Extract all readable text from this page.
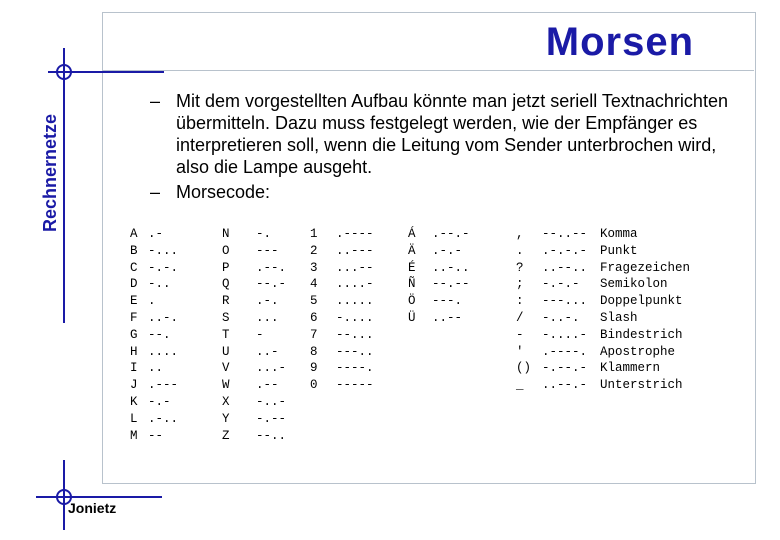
Morsen
Rechnernetze
Jonietz
– Mit dem vorgestellten Aufbau könnte man jetzt seriell Textnachrichten übermitteln. Dazu muss festgelegt werden, wie der Empfänger es interpretieren soll, wenn die Leitung vom Sender unterbrochen wird, also die Lampe ausgeht.
– Morsecode:
A
B
C
D
E
F
G
H
I
J
K
L
M
.-
-...
-.-.
-..
.
..-.
--.
....
..
.---
-.-
.-..
--
N
O
P
Q
R
S
T
U
V
W
X
Y
Z
-.
---
.--.
--.-
.-.
...
-
..-
...-
.--
-..-
-.--
--..
1
2
3
4
5
6
7
8
9
0
.----
..---
...--
....-
.....
-....
--...
---..
----.
-----
Á
Ä
É
Ñ
Ö
Ü
.--.-
.-.-
..-..
--.--
---.
..--
,
.
?
;
:
/
-
'
()
_
--..--
.-.-.-
..--..
-.-.-
---...
-..-.
-....-
.----.
-.--.-
..--.-
Komma
Punkt
Fragezeichen
Semikolon
Doppelpunkt
Slash
Bindestrich
Apostrophe
Klammern
Unterstrich
